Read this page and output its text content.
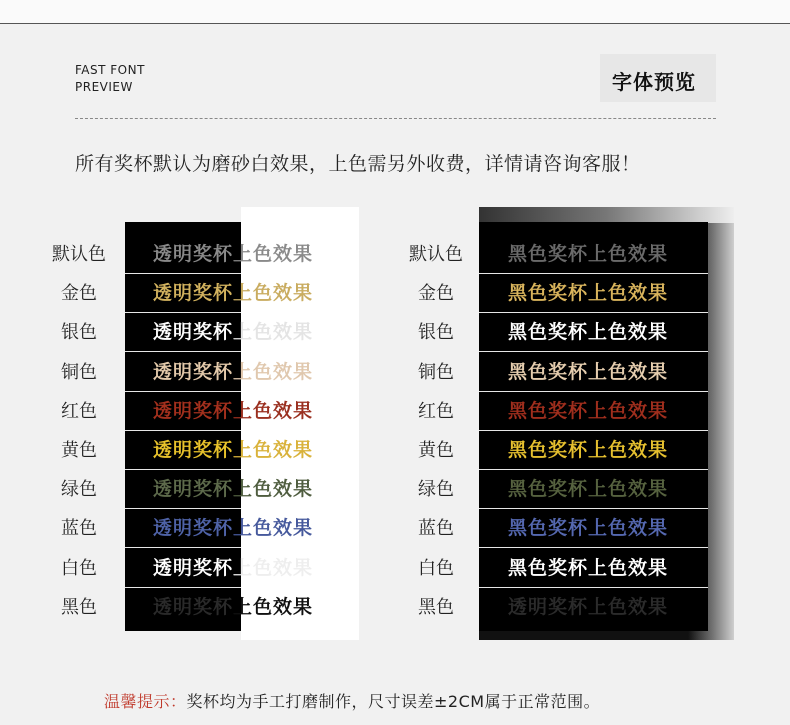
FAST FONT
PREVIEW	字体预览
所有奖杯默认为磨砂白效果，上色需另外收费，详情请咨询客服！
默认色	透明奖杯上色效果	默认色	黑色奖杯上色效果
金色	透明奖杯上色效果	金色	黑色奖杯上色效果
银色	透明奖杯上色效果	银色	黑色奖杯上色效果
铜色	透明奖杯上色效果	铜色	黑色奖杯上色效果
红色	透明奖杯上色效果	红色	黑色奖杯上色效果
黄色	透明奖杯上色效果	黄色	黑色奖杯上色效果
绿色	透明奖杯上色效果	绿色	黑色奖杯上色效果
蓝色	透明奖杯上色效果	蓝色	黑色奖杯上色效果
白色	透明奖杯上色效果	白色	黑色奖杯上色效果
黑色	透明奖杯上色效果	黑色	透明奖杯上色效果
温馨提示：奖杯均为手工打磨制作，尺寸误差±2CM属于正常范围。
